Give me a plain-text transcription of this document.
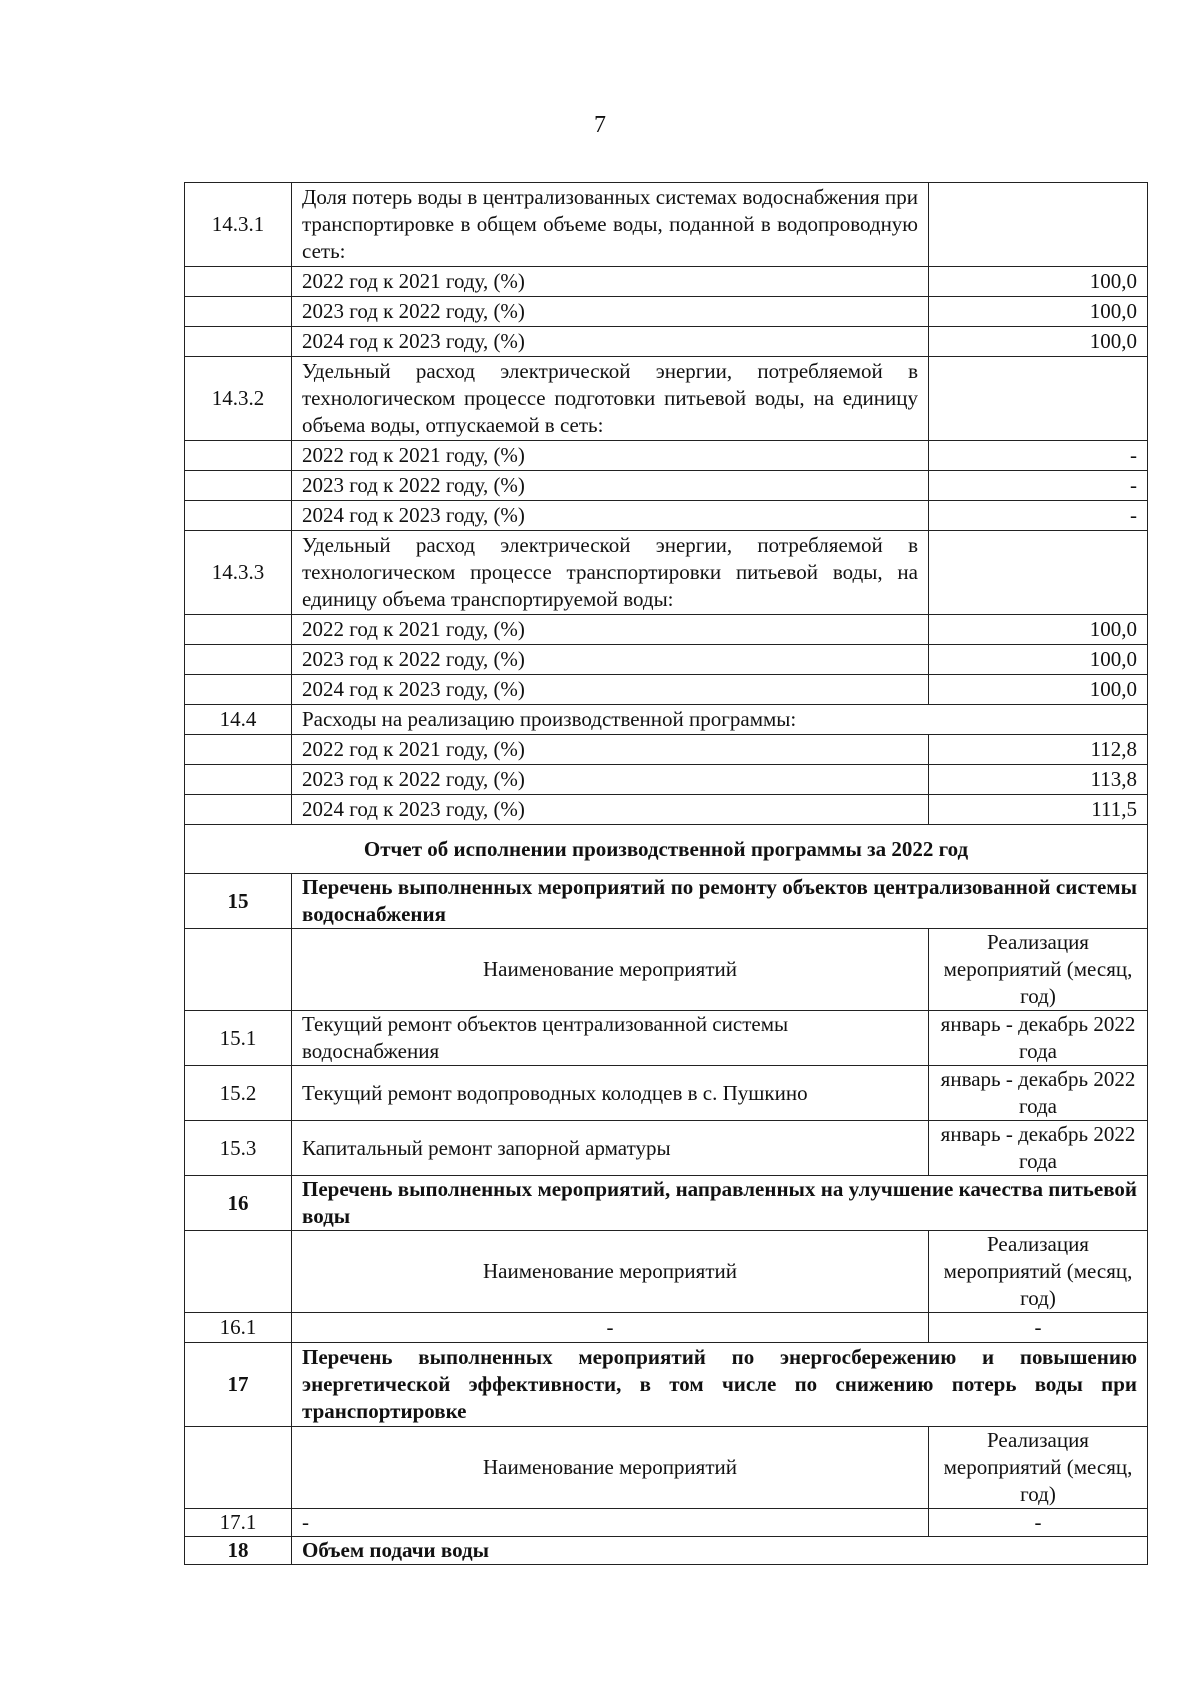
7
14.3.1	Доля потерь воды в централизованных системах водоснабжения при транспортировке в общем объеме воды, поданной в водопроводную сеть:	
	2022 год к 2021 году, (%)	100,0
	2023 год к 2022 году, (%)	100,0
	2024 год к 2023 году, (%)	100,0
14.3.2	Удельный расход электрической энергии, потребляемой в технологическом процессе подготовки питьевой воды, на единицу объема воды, отпускаемой в сеть:	
	2022 год к 2021 году, (%)	-
	2023 год к 2022 году, (%)	-
	2024 год к 2023 году, (%)	-
14.3.3	Удельный расход электрической энергии, потребляемой в технологическом процессе транспортировки питьевой воды, на единицу объема транспортируемой воды:	
	2022 год к 2021 году, (%)	100,0
	2023 год к 2022 году, (%)	100,0
	2024 год к 2023 году, (%)	100,0
14.4	Расходы на реализацию производственной программы:	
	2022 год к 2021 году, (%)	112,8
	2023 год к 2022 году, (%)	113,8
	2024 год к 2023 году, (%)	111,5
Отчет об исполнении производственной программы за 2022 год		
15	Перечень выполненных мероприятий по ремонту объектов централизованной системы водоснабжения	
	Наименование мероприятий	Реализация мероприятий (месяц, год)
15.1	Текущий ремонт объектов централизованной системы водоснабжения	январь - декабрь 2022 года
15.2	Текущий ремонт водопроводных колодцев в с. Пушкино	январь - декабрь 2022 года
15.3	Капитальный ремонт запорной арматуры	январь - декабрь 2022 года
16	Перечень выполненных мероприятий, направленных на улучшение качества питьевой воды	
	Наименование мероприятий	Реализация мероприятий (месяц, год)
16.1	-	-
17	Перечень выполненных мероприятий по энергосбережению и повышению энергетической эффективности, в том числе по снижению потерь воды при транспортировке	
	Наименование мероприятий	Реализация мероприятий (месяц, год)
17.1	-	-
18	Объем подачи воды	
